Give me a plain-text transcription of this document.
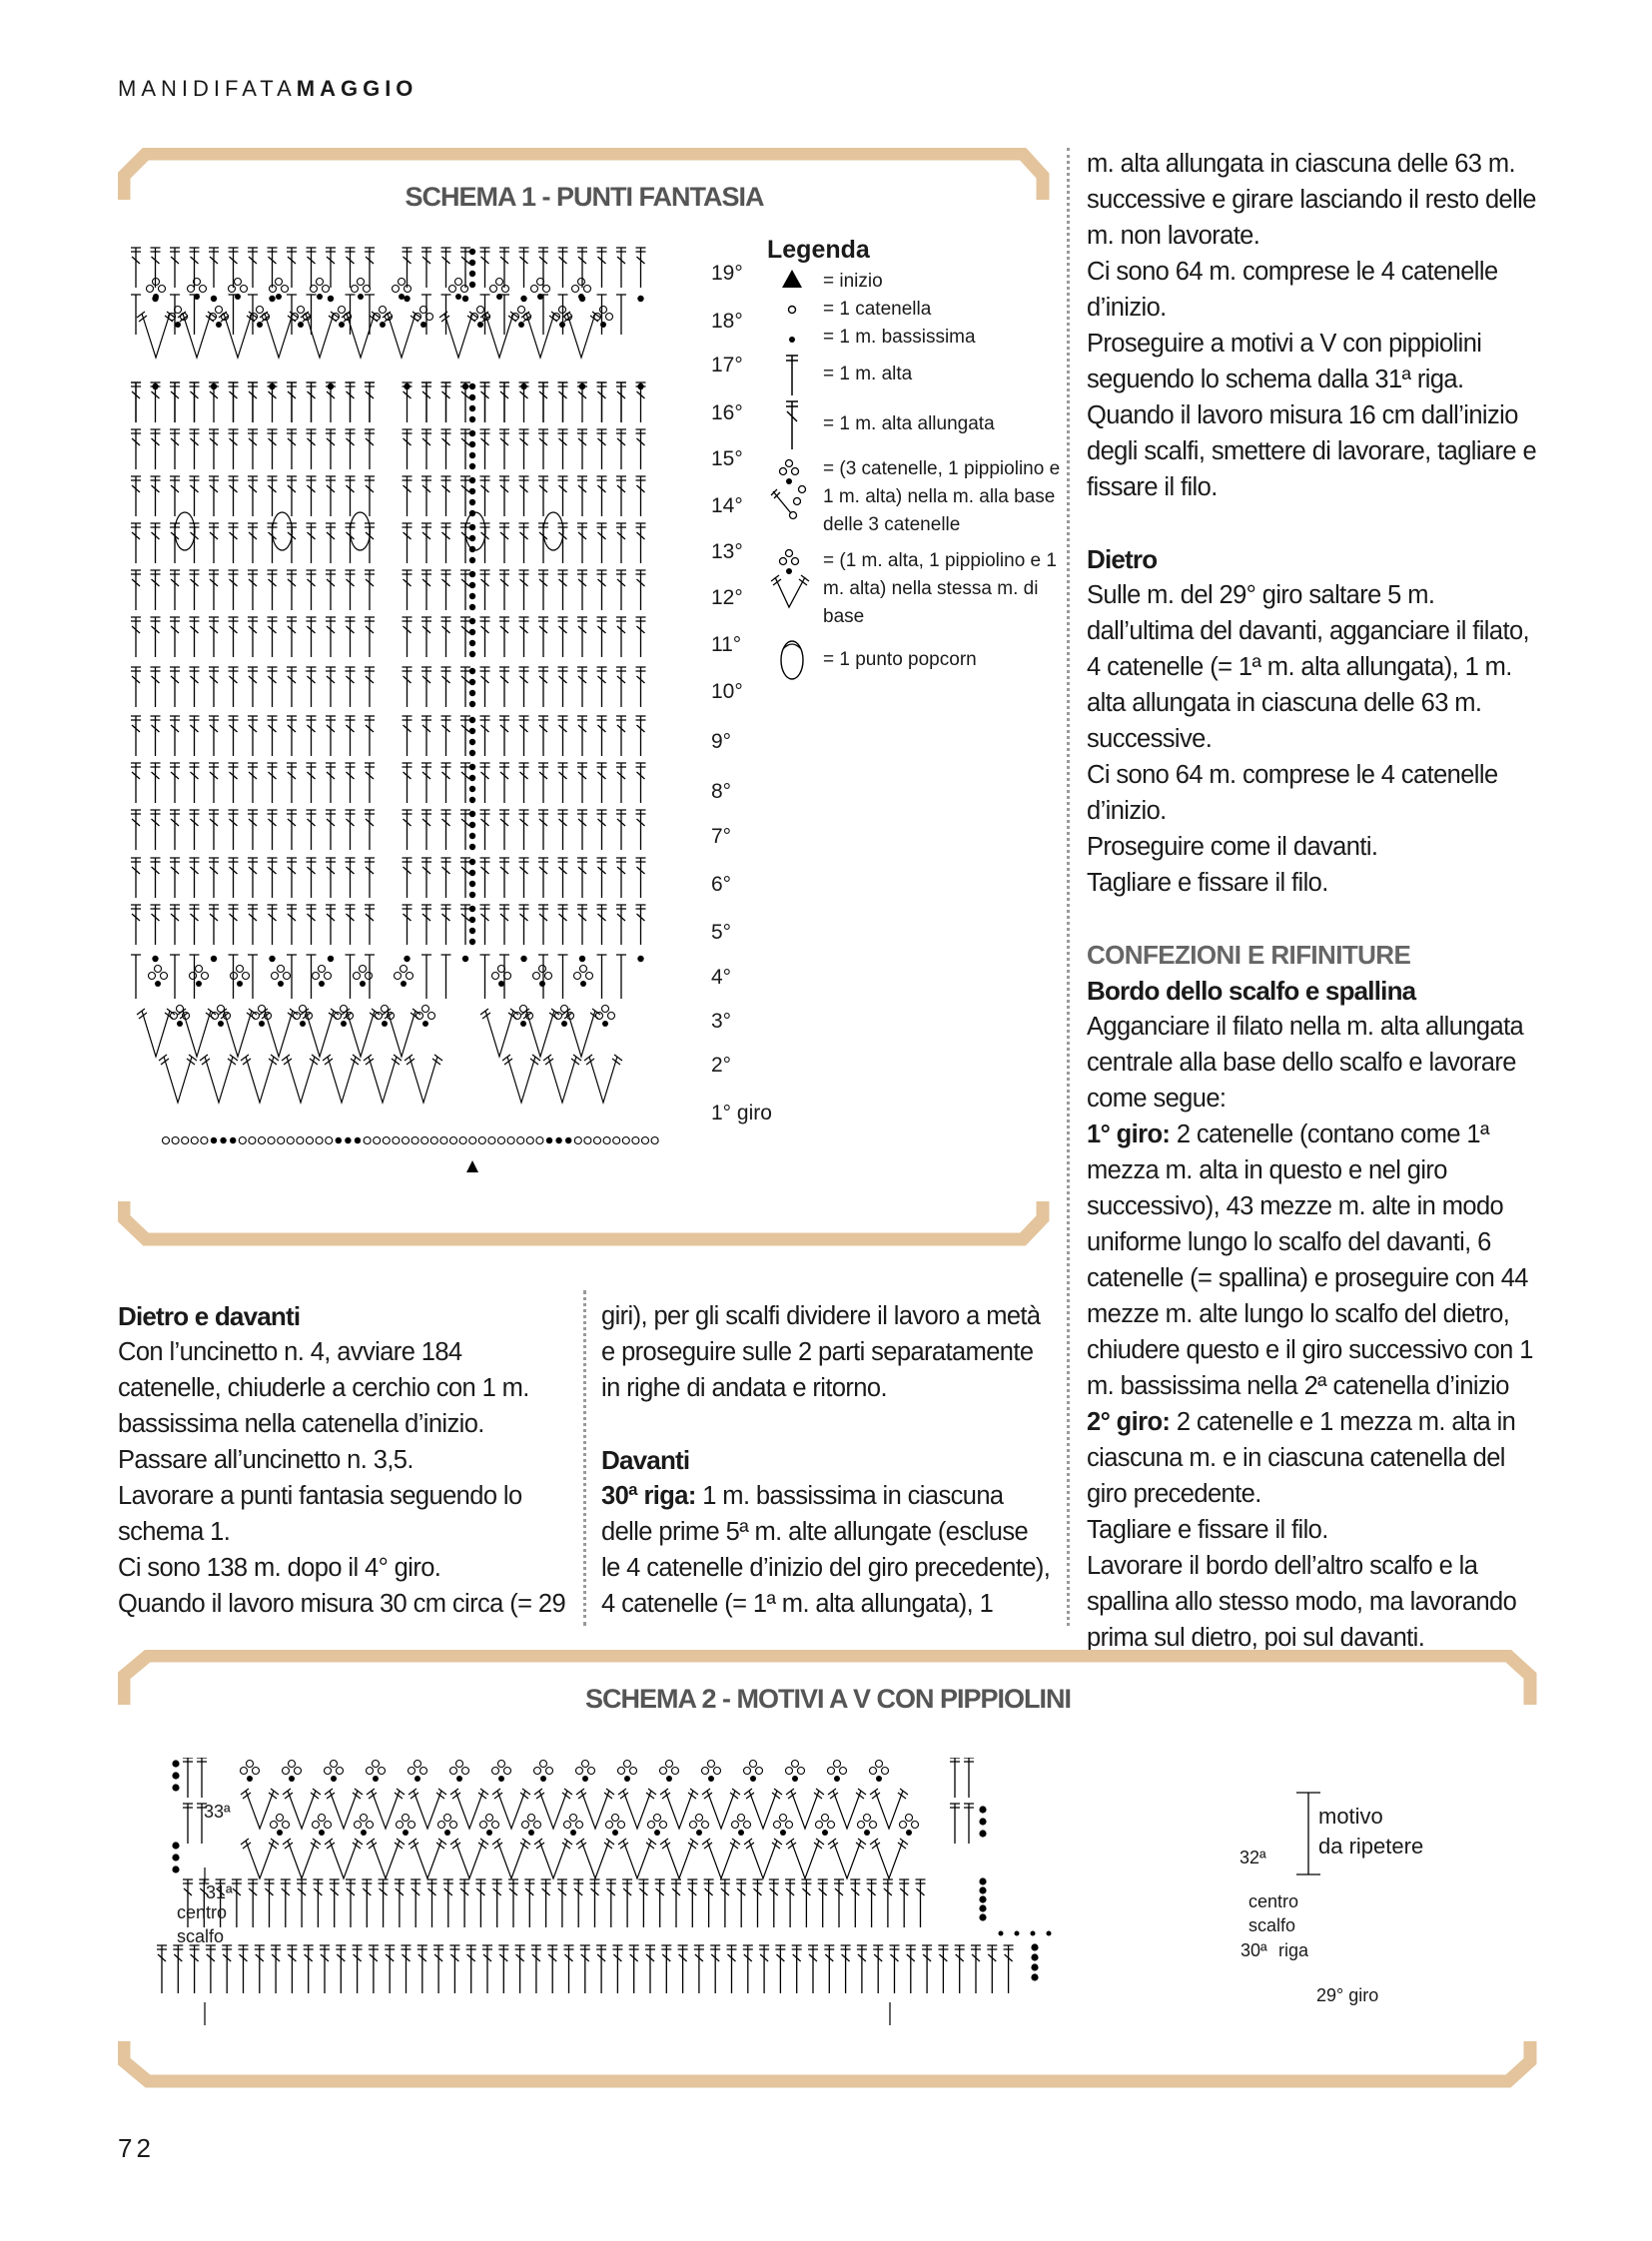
MANIDIFATAMAGGIO
SCHEMA 1 - PUNTI FANTASIA
19°
18°
17°
16°
15°
14°
13°
12°
11°
10°
9°
8°
7°
6°
5°
4°
3°
2°
1° giro
Legenda
= inizio
= 1 catenella
= 1 m. bassissima
= 1 m. alta
= 1 m. alta allungata
= (3 catenelle, 1 pippiolino e 1 m. alta) nella m. alla base delle 3 catenelle
= (1 m. alta, 1 pippiolino e 1 m. alta) nella stessa m. di base
= 1 punto popcorn

m. alta allungata in ciascuna delle 63 m. successive e girare lasciando il resto delle m. non lavorate.

Ci sono 64 m. comprese le 4 catenelle d’inizio.

Proseguire a motivi a V con pippiolini seguendo lo schema dalla 31ª riga.

Quando il lavoro misura 16 cm dall’inizio degli scalfi, smettere di lavorare, tagliare e fissare il filo.

Dietro

Sulle m. del 29° giro saltare 5 m. dall’ultima del davanti, agganciare il filato, 4 catenelle (= 1ª m. alta allungata), 1 m. alta allungata in ciascuna delle 63 m. successive.

Ci sono 64 m. comprese le 4 catenelle d’inizio.

Proseguire come il davanti.

Tagliare e fissare il filo.

CONFEZIONI E RIFINITURE
Bordo dello scalfo e spallina

Agganciare il filato nella m. alta allungata centrale alla base dello scalfo e lavorare come segue:

1° giro: 2 catenelle (contano come 1ª mezza m. alta in questo e nel giro successivo), 43 mezze m. alte in modo uniforme lungo lo scalfo del davanti, 6 catenelle (= spallina) e proseguire con 44 mezze m. alte lungo lo scalfo del dietro, chiudere questo e il giro successivo con 1 m. bassissima nella 2ª catenella d’inizio

2° giro: 2 catenelle e 1 mezza m. alta in ciascuna m. e in ciascuna catenella del giro precedente.

Tagliare e fissare il filo.

Lavorare il bordo dell’altro scalfo e la spallina allo stesso modo, ma lavorando prima sul dietro, poi sul davanti.

Dietro e davanti

Con l’uncinetto n. 4, avviare 184 catenelle, chiuderle a cerchio con 1 m. bassissima nella catenella d’inizio. Passare all’uncinetto n. 3,5.

Lavorare a punti fantasia seguendo lo schema 1.

Ci sono 138 m. dopo il 4° giro.

Quando il lavoro misura 30 cm circa (= 29

giri), per gli scalfi dividere il lavoro a metà e proseguire sulle 2 parti separatamente in righe di andata e ritorno.

Davanti

30ª riga: 1 m. bassissima in ciascuna delle prime 5ª m. alte allungate (escluse le 4 catenelle d’inizio del giro precedente), 4 catenelle (= 1ª m. alta allungata), 1

SCHEMA 2 - MOTIVI A V CON PIPPIOLINI
33ª
31ª
centro
scalfo
32ª
centro
scalfo
30ª riga
29° giro
motivo
da ripetere
72
